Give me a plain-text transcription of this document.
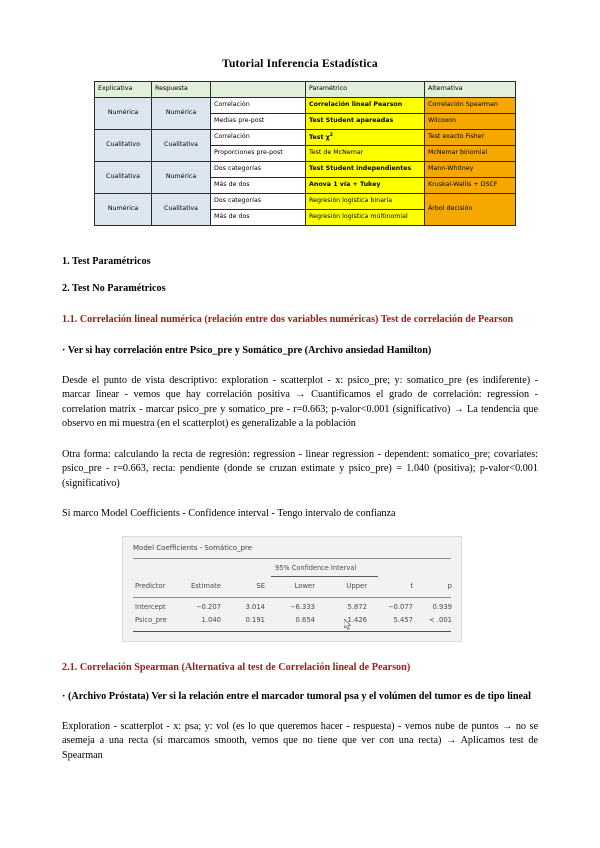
Tutorial Inferencia Estadística
Explicativa	Respuesta		Paramétrico	Alternativa
Numérica	Numérica	Correlación	Correlación lineal Pearson	Correlación Spearman
		Medias pre-post	Test Student apareadas	Wilcoxon
Cualitativo	Cualitativa	Correlación	Test $\chi^2$	Test exacto Fisher
		Proporciones pre-post	Test de McNemar	McNemar binomial
Cualitativa	Numérica	Dos categorías	Test Student independientes	Mann-Whitney
		Más de dos	Anova 1 vía + Tukey	Kruskal-Wallis + DSCF
Numérica	Cualitativa	Dos categorías	Regresión logística binaria	Árbol decisión
		Más de dos	Regresión logística múltinomial	
1. Test Paramétricos
2. Test No Paramétricos
1.1. Correlación lineal numérica (relación entre dos variables numéricas) Test de correlación de Pearson
· Ver si hay correlación entre Psico_pre y Somático_pre (Archivo ansiedad Hamilton)

Desde el punto de vista descriptivo: exploration - scatterplot - x: psico_pre; y: somatico_pre (es indiferente) - marcar linear - vemos que hay correlación positiva → Cuantificamos el grado de correlación: regression - correlation matrix - marcar psico_pre y somatico_pre - r=0.663; p-valor<0.001 (significativo) → La tendencia que observo en mi muestra (en el scatterplot) es generalizable a la población

Otra forma: calculando la recta de regresión: regression - linear regression - dependent: somatico_pre; covariates: psico_pre - r=0.663, recta: pendiente (donde se cruzan estimate y psico_pre) = 1.040 (positiva); p-valor<0.001 (significativo)

Si marco Model Coefficients - Confidence interval - Tengo intervalo de confianza

Model Coefficients - Somático_pre
95% Confidence Interval
Predictor	Estimate	SE	Lower	Upper	t	p
Intercept	−0.207	3.014	−6.333	5.872	−0.077	0.939
Psico_pre	1.040	0.191	0.654	1.426	5.457	< .001
2.1. Correlación Spearman (Alternativa al test de Correlación lineal de Pearson)
· (Archivo Próstata) Ver si la relación entre el marcador tumoral psa y el volúmen del tumor es de tipo lineal

Exploration - scatterplot - x: psa; y: vol (es lo que queremos hacer - respuesta) - vemos nube de puntos → no se asemeja a una recta (si marcamos smooth, vemos que no tiene que ver con una recta) → Aplicamos test de Spearman
